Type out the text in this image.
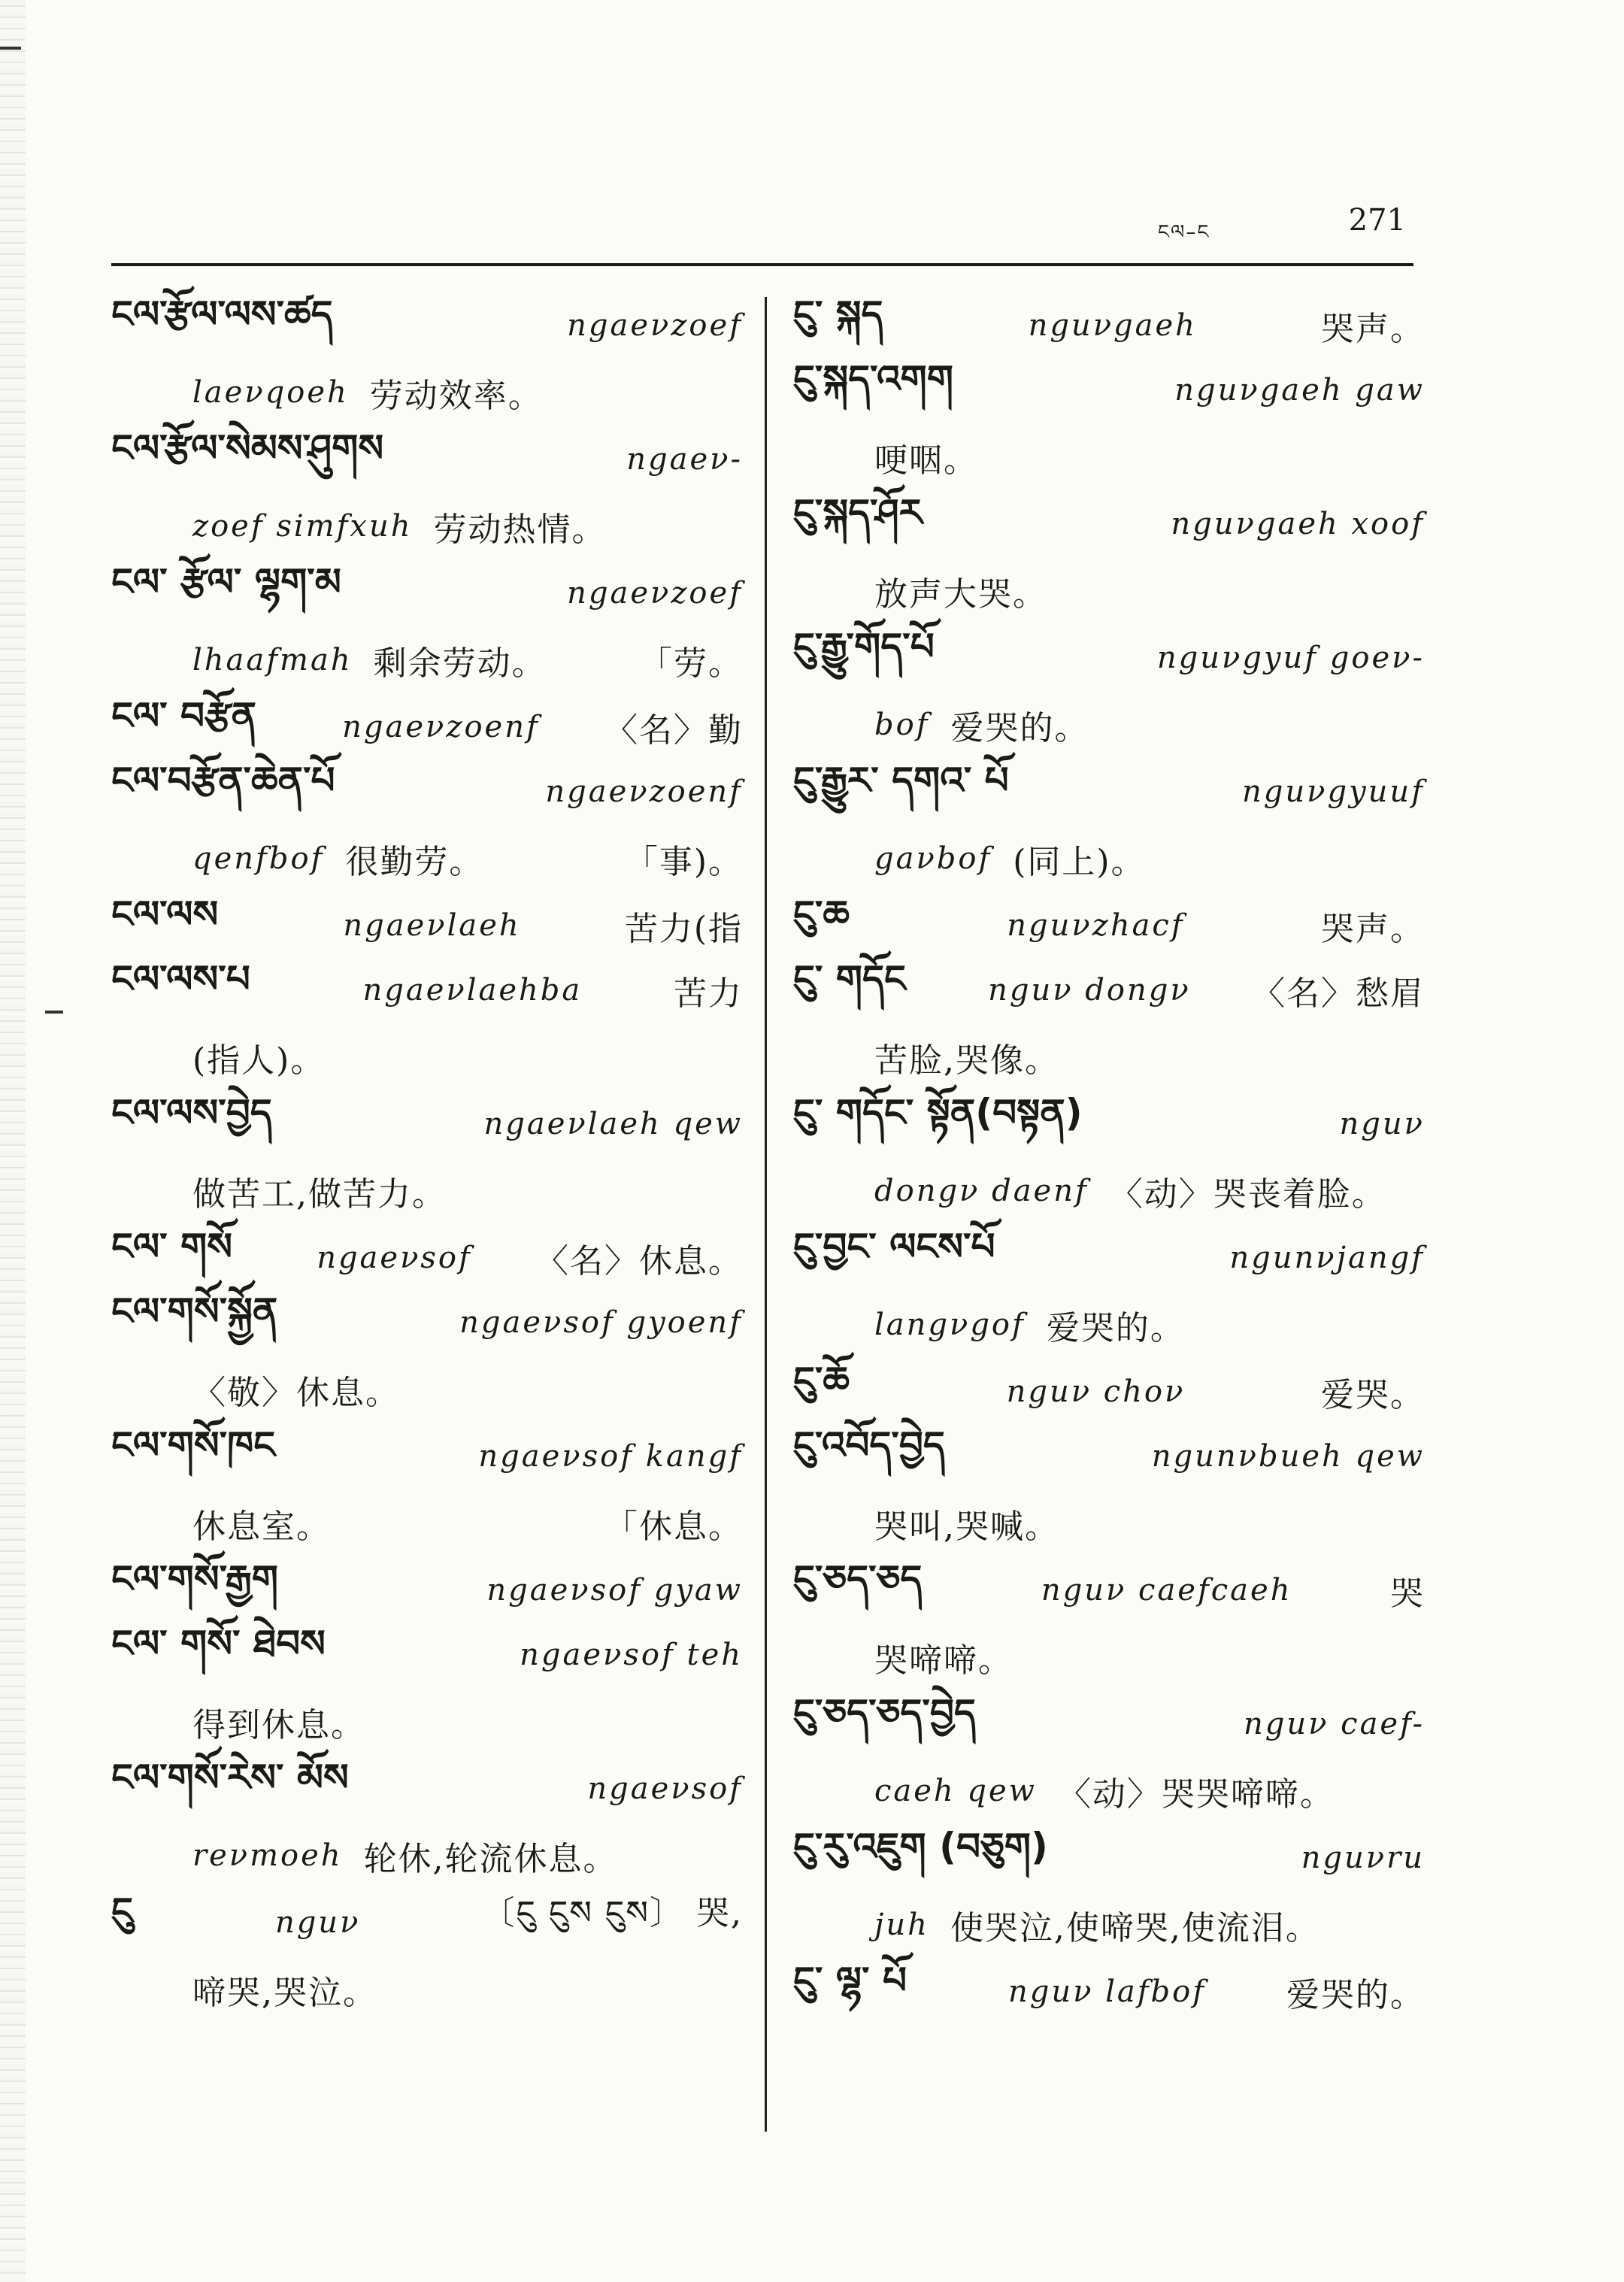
ངལ–ང	271
ངལ་རྩོལ་ལས་ཚད	ngaeνzoef
laeνqoeh 劳动效率。
ངལ་རྩོལ་སེམས་ཤུགས	ngaeν-
zoef simfxuh 劳动热情。
ངལ་ རྩོལ་ ལྷག་མ	ngaeνzoef
lhaafmah 剩余劳动。	「劳。
ངལ་ བརྩོན	ngaeνzoenf 〈名〉勤
ངལ་བརྩོན་ཆེན་པོ	ngaeνzoenf
qenfbof 很勤劳。	「事)。
ངལ་ལས	ngaeνlaeh	苦力(指
ངལ་ལས་པ	ngaeνlaehba	苦力
(指人)。
ངལ་ལས་བྱེད	ngaeνlaeh qew
做苦工,做苦力。
ངལ་ གསོ	ngaeνsof 〈名〉休息。
ངལ་གསོ་སྐྱོན	ngaeνsof gyoenf
〈敬〉休息。
ངལ་གསོ་ཁང	ngaeνsof kangf
休息室。	「休息。
ངལ་གསོ་རྒྱག	ngaeνsof gyaw
ངལ་ གསོ་ ཐེབས	ngaeνsof teh
得到休息。
ངལ་གསོ་རེས་ མོས	ngaeνsof
reνmoeh 轮休,轮流休息。
ངུ	nguν	〔ངུ ངུས ངུས〕 哭,
啼哭,哭泣。
ངུ་ སྐད	nguνgaeh	哭声。
ངུ་སྐད་འགག	nguνgaeh gaw
哽咽。
ངུ་སྐད་ཤོར	nguνgaeh xoof
放声大哭。
ངུ་རྒྱུ་གོད་པོ	nguνgyuf goeν-
bof 爱哭的。
ངུ་རྒྱུར་ དགའ་ པོ	nguνgyuuf
gaνbof (同上)。
ངུ་ཆ	nguνzhacf	哭声。
ངུ་ གདོང	nguν dongν 〈名〉愁眉
苦脸,哭像。
ངུ་ གདོང་ སྟོན(བསྟན)	nguν
dongν daenf 〈动〉哭丧着脸。
ངུ་བྱང་ ལངས་པོ	ngunνjangf
langνgof 爱哭的。
ངུ་ཆོ	nguν choν	爱哭。
ངུ་འབོད་བྱེད	ngunνbueh qew
哭叫,哭喊。
ངུ་ཅད་ཅད	nguν caefcaeh	哭
哭啼啼。
ངུ་ཅད་ཅད་བྱེད	nguν caef-
caeh qew 〈动〉哭哭啼啼。
ངུ་རུ་འཇུག (བཅུག)	nguνru
juh 使哭泣,使啼哭,使流泪。
ངུ་ ལྷ་ པོ	nguν lafbof 爱哭的。
